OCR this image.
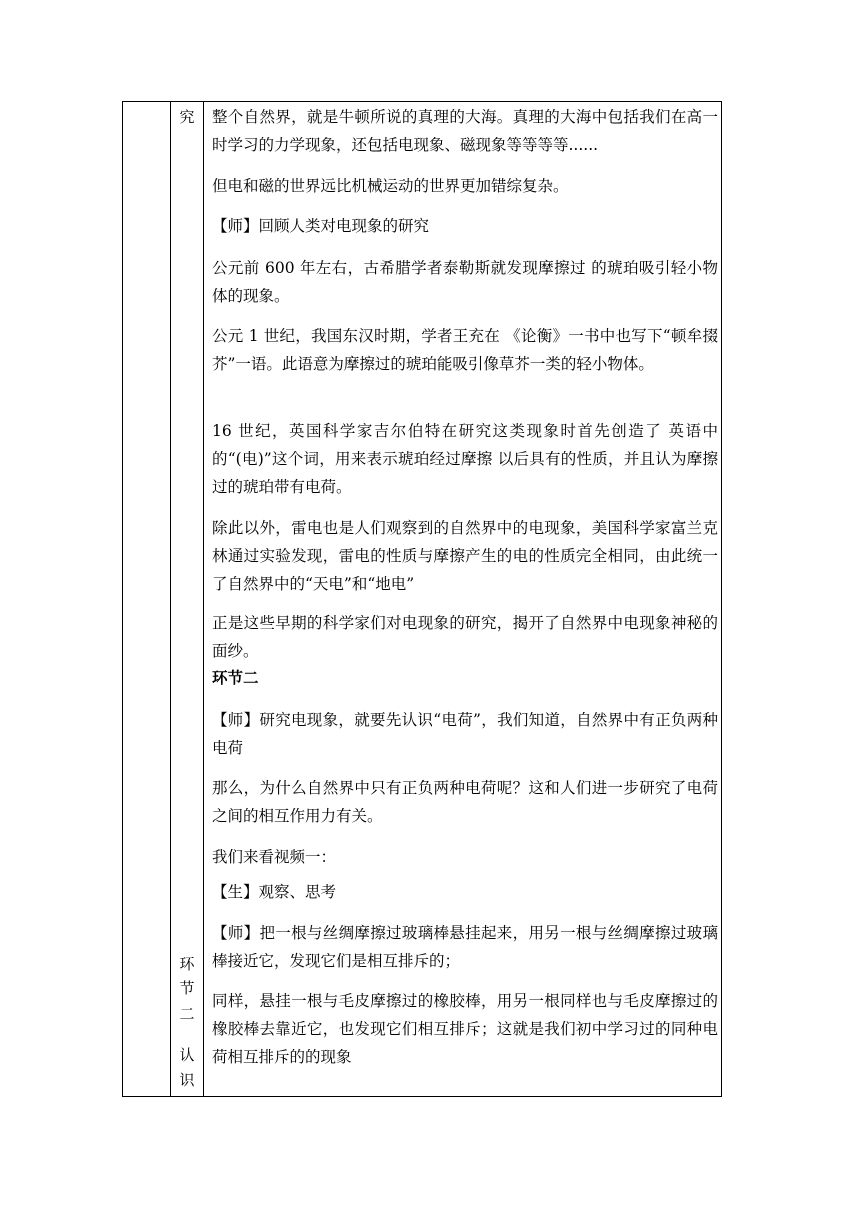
究
环
节
二
认
识

整个自然界，就是牛顿所说的真理的大海。真理的大海中包括我们在高一时学习的力学现象，还包括电现象、磁现象等等等等......

但电和磁的世界远比机械运动的世界更加错综复杂。

【师】回顾人类对电现象的研究

公元前 600 年左右，古希腊学者泰勒斯就发现摩擦过 的琥珀吸引轻小物体的现象。

公元 1 世纪，我国东汉时期，学者王充在 《论衡》一书中也写下“顿牟掇芥”一语。此语意为摩擦过的琥珀能吸引像草芥一类的轻小物体。

16 世纪，英国科学家吉尔伯特在研究这类现象时首先创造了 英语中的“(电)”这个词，用来表示琥珀经过摩擦 以后具有的性质，并且认为摩擦过的琥珀带有电荷。

除此以外，雷电也是人们观察到的自然界中的电现象，美国科学家富兰克林通过实验发现，雷电的性质与摩擦产生的电的性质完全相同，由此统一了自然界中的“天电”和“地电”

正是这些早期的科学家们对电现象的研究，揭开了自然界中电现象神秘的面纱。

环节二

【师】研究电现象，就要先认识“电荷”，我们知道，自然界中有正负两种电荷

那么，为什么自然界中只有正负两种电荷呢？这和人们进一步研究了电荷之间的相互作用力有关。

我们来看视频一：

【生】观察、思考

【师】把一根与丝绸摩擦过玻璃棒悬挂起来，用另一根与丝绸摩擦过玻璃棒接近它，发现它们是相互排斥的；

同样，悬挂一根与毛皮摩擦过的橡胶棒，用另一根同样也与毛皮摩擦过的橡胶棒去靠近它，也发现它们相互排斥；这就是我们初中学习过的同种电荷相互排斥的的现象
